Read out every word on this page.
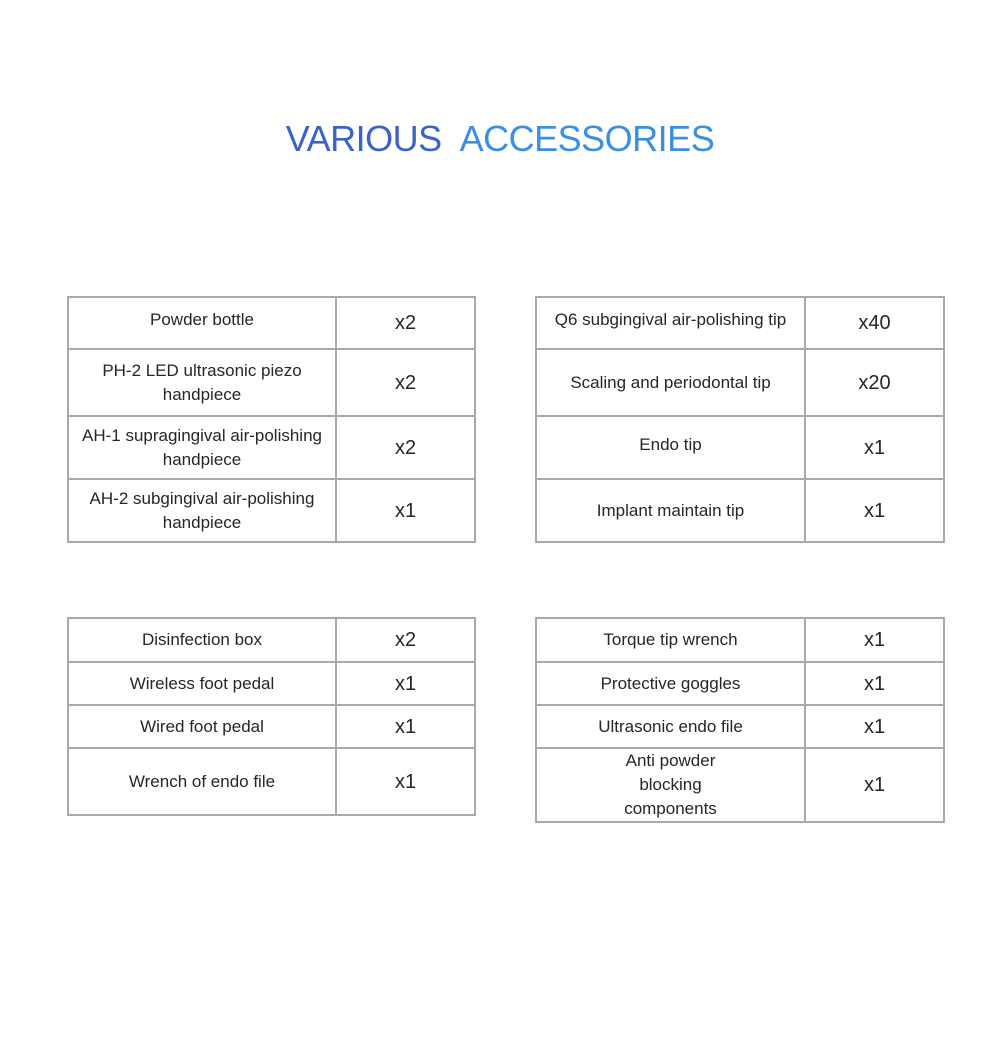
VARIOUS ACCESSORIES
Powder bottle	x2
PH-2 LED ultrasonic piezo handpiece	x2
AH-1 supragingival air-polishing handpiece	x2
AH-2 subgingival air-polishing handpiece	x1
Q6 subgingival air-polishing tip	x40
Scaling and periodontal tip	x20
Endo tip	x1
Implant maintain tip	x1
Disinfection box	x2
Wireless foot pedal	x1
Wired foot pedal	x1
Wrench of endo file	x1
Torque tip wrench	x1
Protective goggles	x1
Ultrasonic endo file	x1
Anti powder blocking components	x1
